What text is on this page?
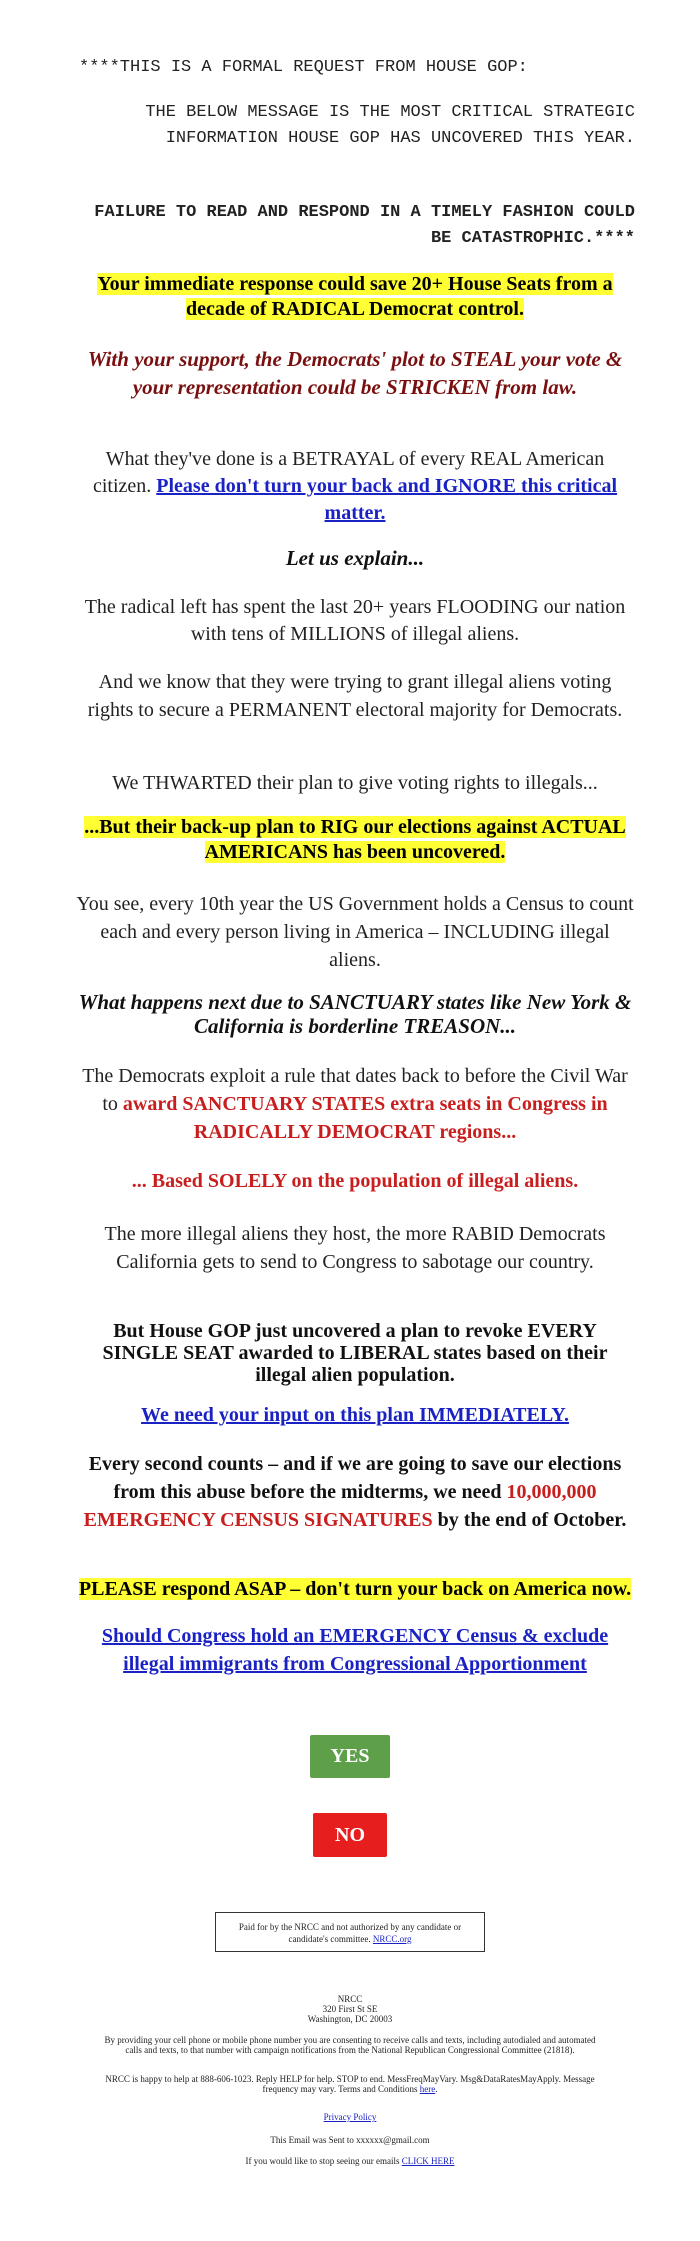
****THIS IS A FORMAL REQUEST FROM HOUSE GOP:

THE BELOW MESSAGE IS THE MOST CRITICAL STRATEGIC INFORMATION HOUSE GOP HAS UNCOVERED THIS YEAR.

FAILURE TO READ AND RESPOND IN A TIMELY FASHION COULD BE CATASTROPHIC.****

Your immediate response could save 20+ House Seats from a decade of RADICAL Democrat control.

With your support, the Democrats' plot to STEAL your vote & your representation could be STRICKEN from law.

What they've done is a BETRAYAL of every REAL American citizen. Please don't turn your back and IGNORE this critical matter.

Let us explain...

The radical left has spent the last 20+ years FLOODING our nation with tens of MILLIONS of illegal aliens.

And we know that they were trying to grant illegal aliens voting rights to secure a PERMANENT electoral majority for Democrats.

We THWARTED their plan to give voting rights to illegals...

...But their back-up plan to RIG our elections against ACTUAL AMERICANS has been uncovered.

You see, every 10th year the US Government holds a Census to count each and every person living in America – INCLUDING illegal aliens.

What happens next due to SANCTUARY states like New York & California is borderline TREASON...

The Democrats exploit a rule that dates back to before the Civil War to award SANCTUARY STATES extra seats in Congress in RADICALLY DEMOCRAT regions...

... Based SOLELY on the population of illegal aliens.

The more illegal aliens they host, the more RABID Democrats California gets to send to Congress to sabotage our country.

But House GOP just uncovered a plan to revoke EVERY SINGLE SEAT awarded to LIBERAL states based on their illegal alien population.

We need your input on this plan IMMEDIATELY.

Every second counts – and if we are going to save our elections from this abuse before the midterms, we need 10,000,000 EMERGENCY CENSUS SIGNATURES by the end of October.

PLEASE respond ASAP – don't turn your back on America now.

Should Congress hold an EMERGENCY Census & exclude illegal immigrants from Congressional Apportionment

YES
NO
Paid for by the NRCC and not authorized by any candidate or candidate's committee. NRCC.org
NRCC
320 First St SE
Washington, DC 20003
By providing your cell phone or mobile phone number you are consenting to receive calls and texts, including autodialed and automated calls and texts, to that number with campaign notifications from the National Republican Congressional Committee (21818).
NRCC is happy to help at 888-606-1023. Reply HELP for help. STOP to end. MessFreqMayVary. Msg&DataRatesMayApply. Message frequency may vary. Terms and Conditions here.
Privacy Policy
This Email was Sent to xxxxxx@gmail.com
If you would like to stop seeing our emails CLICK HERE
